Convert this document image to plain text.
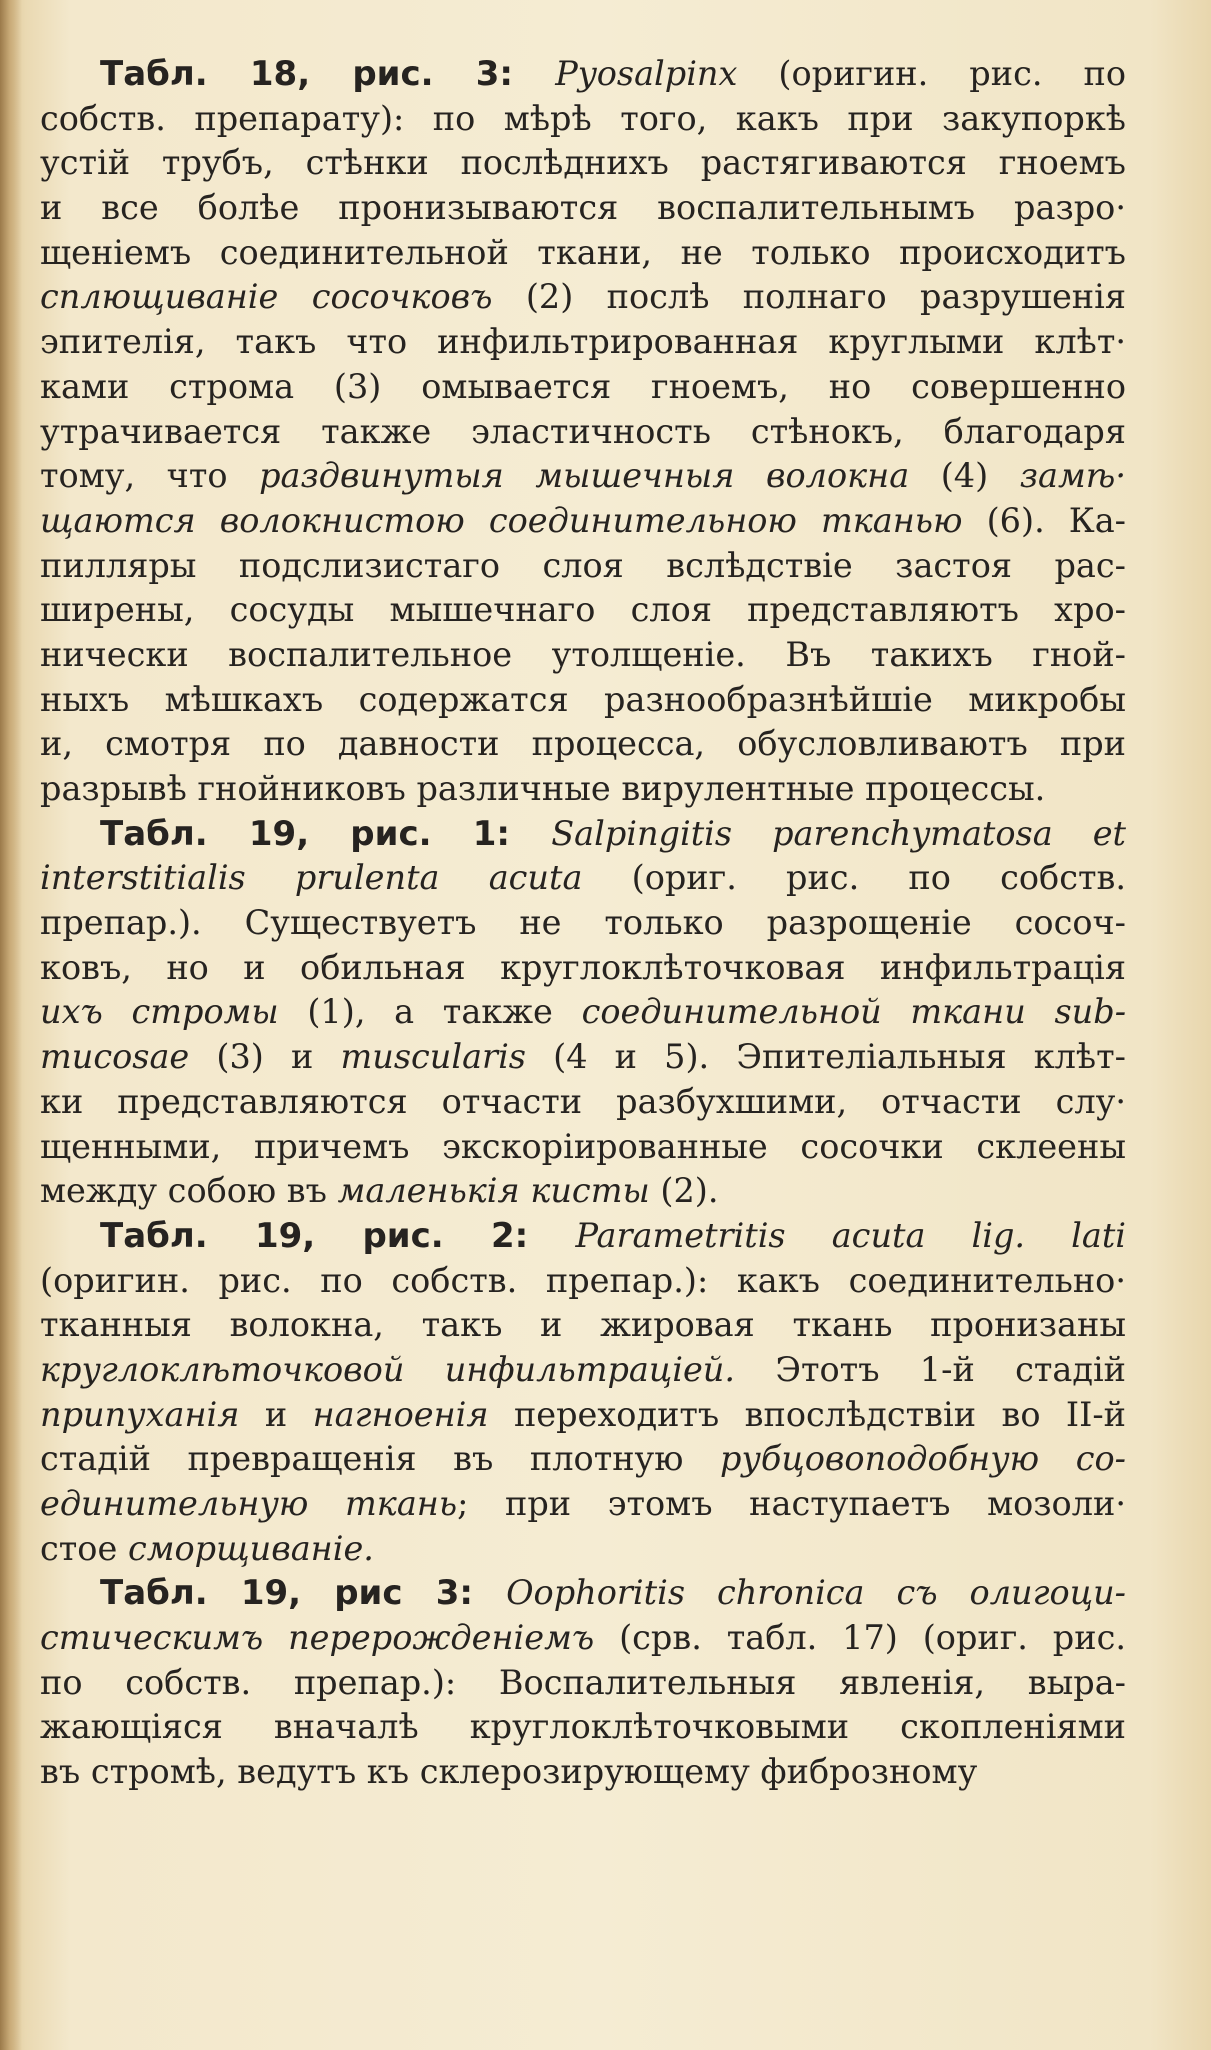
Табл. 18, рис. 3: Pyosalpinx (оригин. рис. по
собств. препарату): по мѣрѣ того, какъ при закупоркѣ
устій трубъ, стѣнки послѣднихъ растягиваются гноемъ
и все болѣе пронизываются воспалительнымъ разро·
щеніемъ соединительной ткани, не только происходитъ
сплющиваніе сосочковъ (2) послѣ полнаго разрушенія
эпителія, такъ что инфильтрированная круглыми клѣт·
ками строма (3) омывается гноемъ, но совершенно
утрачивается также эластичность стѣнокъ, благодаря
тому, что раздвинутыя мышечныя волокна (4) замѣ·
щаются волокнистою соединительною тканью (6). Ка-
пилляры подслизистаго слоя вслѣдствіе застоя рас-
ширены, сосуды мышечнаго слоя представляютъ хро-
нически воспалительное утолщеніе. Въ такихъ гной-
ныхъ мѣшкахъ содержатся разнообразнѣйшіе микробы
и, смотря по давности процесса, обусловливаютъ при
разрывѣ гнойниковъ различные вирулентные процессы.
Табл. 19, рис. 1: Salpingitis parenchymatosa et
interstitialis prulenta acuta (ориг. рис. по собств.
препар.). Существуетъ не только разрощеніе сосоч-
ковъ, но и обильная круглоклѣточковая инфильтрація
ихъ стромы (1), а также соединительной ткани sub-
mucosae (3) и muscularis (4 и 5). Эпителіальныя клѣт-
ки представляются отчасти разбухшими, отчасти слу·
щенными, причемъ экскоріированные сосочки склеены
между собою въ маленькія кисты (2).
Табл. 19, рис. 2: Parametritis acuta lig. lati
(оригин. рис. по собств. препар.): какъ соединительно·
тканныя волокна, такъ и жировая ткань пронизаны
круглоклѣточковой инфильтраціей. Этотъ 1-й стадій
припуханія и нагноенія переходитъ впослѣдствіи во II-й
стадій превращенія въ плотную рубцовоподобную со-
единительную ткань; при этомъ наступаетъ мозоли·
стое сморщиваніе.
Табл. 19, рис 3: Oophoritis chronica съ олигоци-
стическимъ перерожденіемъ (срв. табл. 17) (ориг. рис.
по собств. препар.): Воспалительныя явленія, выра-
жающіяся вначалѣ круглоклѣточковыми скопленіями
въ стромѣ, ведутъ къ склерозирующему фиброзному
